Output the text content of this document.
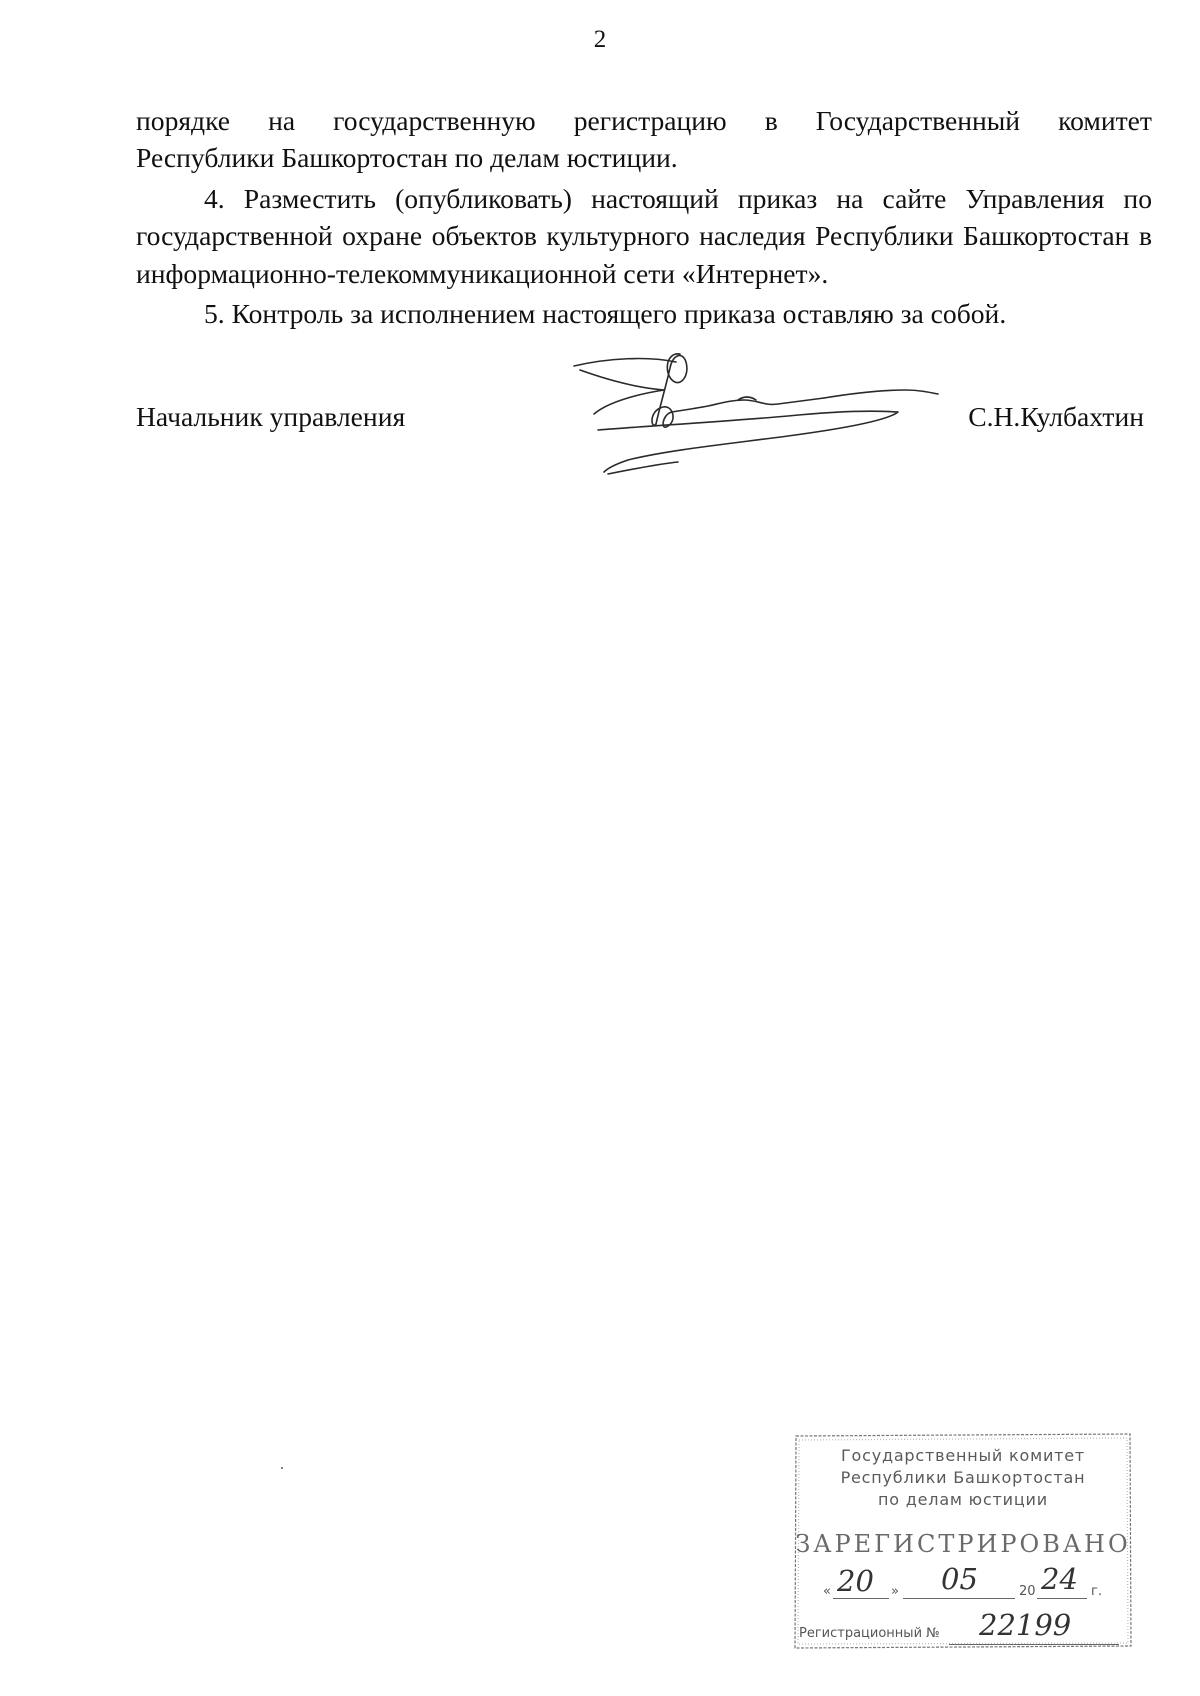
2

порядке на государственную регистрацию в Государственный комитет

Республики Башкортостан по делам юстиции.

4. Разместить (опубликовать) настоящий приказ на сайте Управления по государственной охране объектов культурного наследия Республики Башкортостан в информационно-телекоммуникационной сети «Интернет».

5. Контроль за исполнением настоящего приказа оставляю за собой.

Начальник управления	С.Н.Кулбахтин
Государственный комитет
Республики Башкортостан
по делам юстиции
ЗАРЕГИСТРИРОВАНО
« 20 » 05	20 24 г.
Регистрационный № 22199
